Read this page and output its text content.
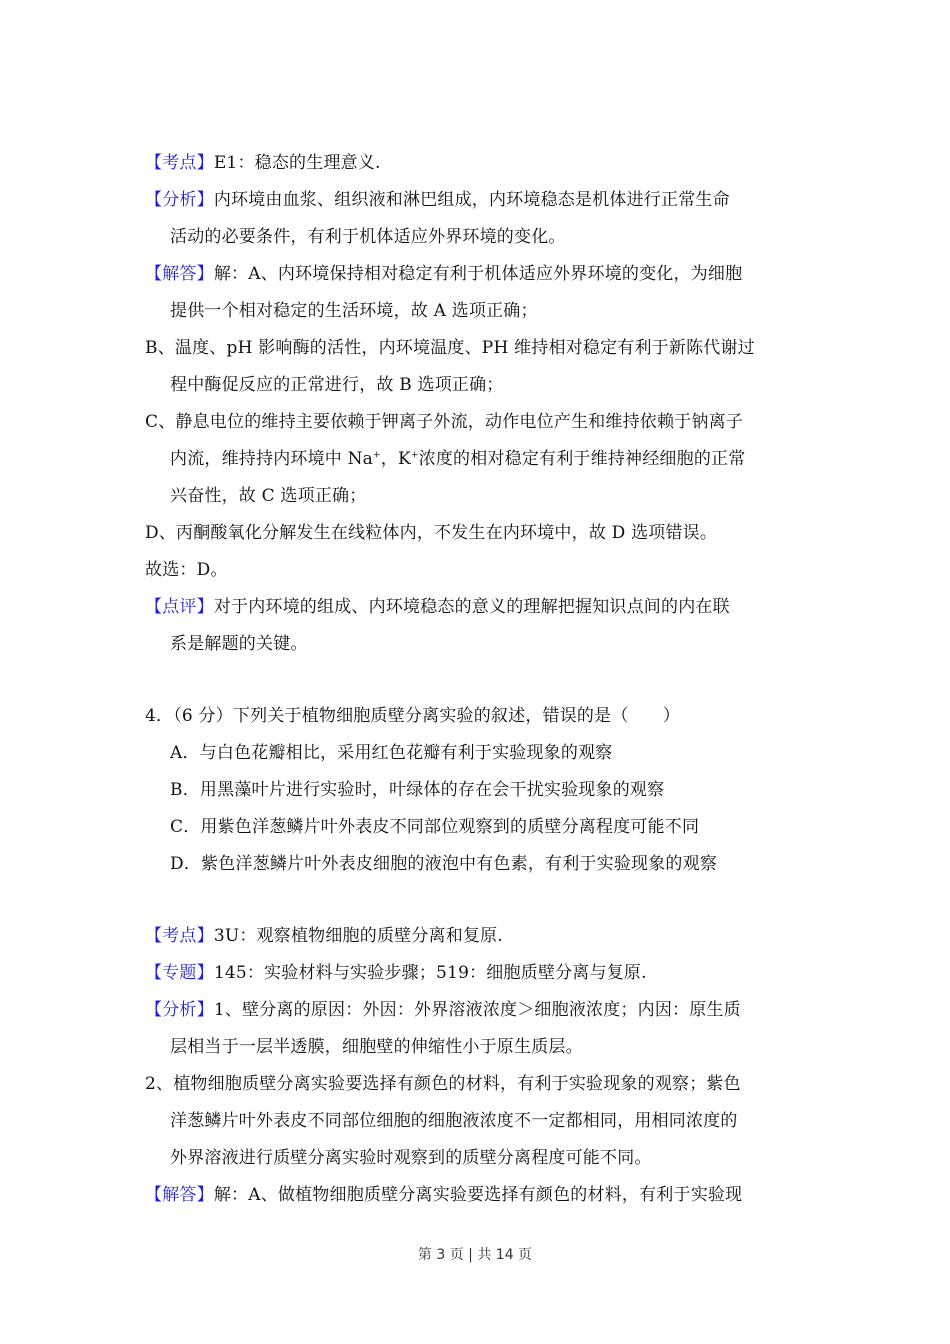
【考点】E1：稳态的生理意义.
【分析】内环境由血浆、组织液和淋巴组成，内环境稳态是机体进行正常生命
活动的必要条件，有利于机体适应外界环境的变化。
【解答】解：A、内环境保持相对稳定有利于机体适应外界环境的变化，为细胞
提供一个相对稳定的生活环境，故 A 选项正确；
B、温度、pH 影响酶的活性，内环境温度、PH 维持相对稳定有利于新陈代谢过
程中酶促反应的正常进行，故 B 选项正确；
C、静息电位的维持主要依赖于钾离子外流，动作电位产生和维持依赖于钠离子
内流，维持持内环境中 Na+，K+浓度的相对稳定有利于维持神经细胞的正常
兴奋性，故 C 选项正确；
D、丙酮酸氧化分解发生在线粒体内，不发生在内环境中，故 D 选项错误。
故选：D。
【点评】对于内环境的组成、内环境稳态的意义的理解把握知识点间的内在联
系是解题的关键。
4．（6 分）下列关于植物细胞质壁分离实验的叙述，错误的是（　　）
A．与白色花瓣相比，采用红色花瓣有利于实验现象的观察
B．用黑藻叶片进行实验时，叶绿体的存在会干扰实验现象的观察
C．用紫色洋葱鳞片叶外表皮不同部位观察到的质壁分离程度可能不同
D．紫色洋葱鳞片叶外表皮细胞的液泡中有色素，有利于实验现象的观察
【考点】3U：观察植物细胞的质壁分离和复原.
【专题】145：实验材料与实验步骤；519：细胞质壁分离与复原.
【分析】1、壁分离的原因：外因：外界溶液浓度＞细胞液浓度；内因：原生质
层相当于一层半透膜，细胞壁的伸缩性小于原生质层。
2、植物细胞质壁分离实验要选择有颜色的材料，有利于实验现象的观察；紫色
洋葱鳞片叶外表皮不同部位细胞的细胞液浓度不一定都相同，用相同浓度的
外界溶液进行质壁分离实验时观察到的质壁分离程度可能不同。
【解答】解：A、做植物细胞质壁分离实验要选择有颜色的材料，有利于实验现
第 3 页 | 共 14 页
